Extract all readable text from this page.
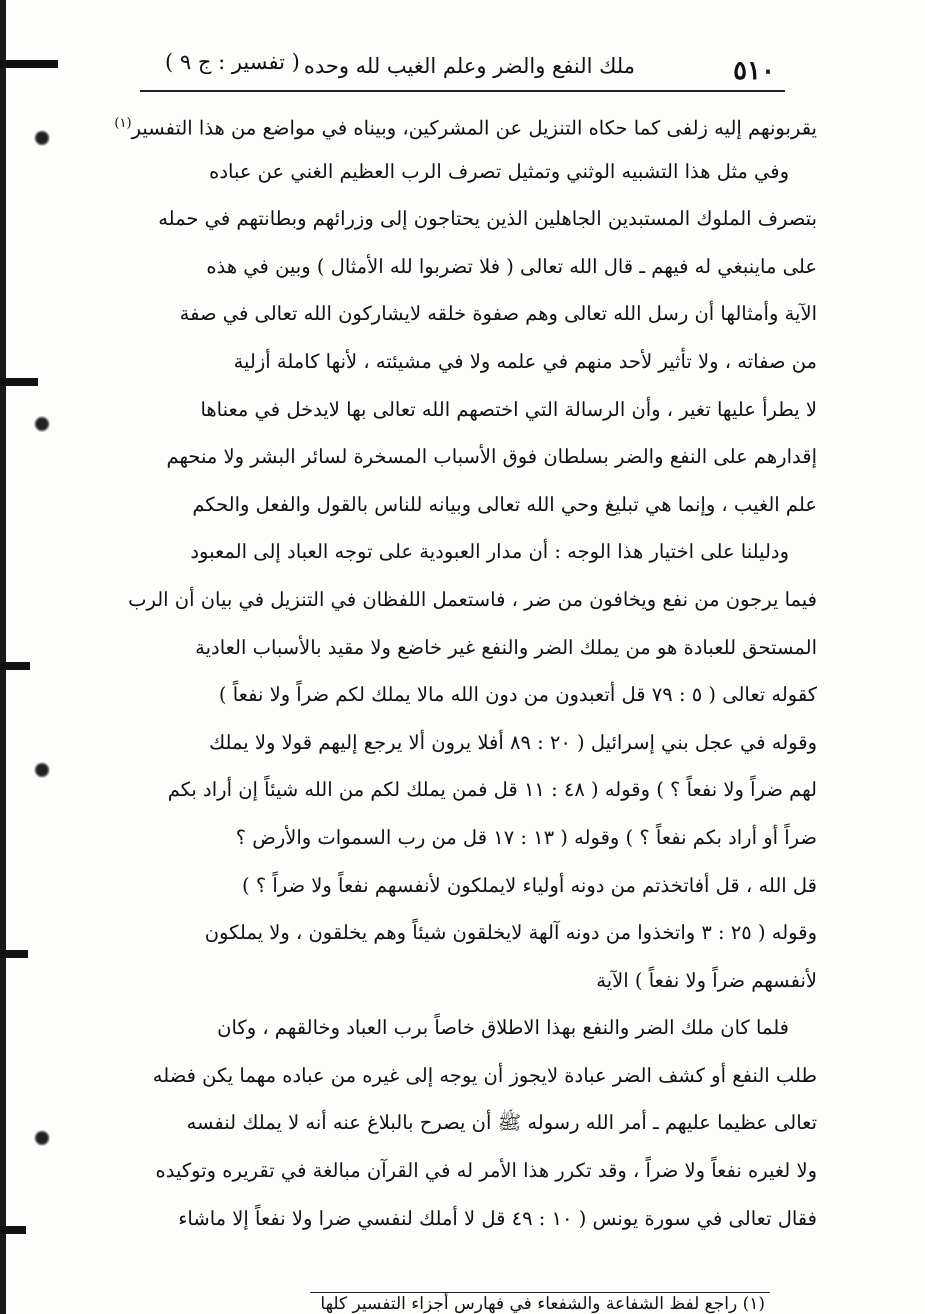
٥١٠
ملك النفع والضر وعلم الغيب لله وحده
( تفسير : ج ٩ )
يقربونهم إليه زلفى كما حكاه التنزيل عن المشركين، وبيناه في مواضع من هذا التفسير$^{(١)}$
وفي مثل هذا التشبيه الوثني وتمثيل تصرف الرب العظيم الغني عن عباده
بتصرف الملوك المستبدين الجاهلين الذين يحتاجون إلى وزرائهم وبطانتهم في حمله
على ماينبغي له فيهم ـ قال الله تعالى ( فلا تضربوا لله الأمثال ) وبين في هذه
الآية وأمثالها أن رسل الله تعالى وهم صفوة خلقه لايشاركون الله تعالى في صفة
من صفاته ، ولا تأثير لأحد منهم في علمه ولا في مشيئته ، لأنها كاملة أزلية
لا يطرأ عليها تغير ، وأن الرسالة التي اختصهم الله تعالى بها لايدخل في معناها
إقدارهم على النفع والضر بسلطان فوق الأسباب المسخرة لسائر البشر ولا منحهم
علم الغيب ، وإنما هي تبليغ وحي الله تعالى وبيانه للناس بالقول والفعل والحكم
ودليلنا على اختيار هذا الوجه : أن مدار العبودية على توجه العباد إلى المعبود
فيما يرجون من نفع ويخافون من ضر ، فاستعمل اللفظان في التنزيل في بيان أن الرب
المستحق للعبادة هو من يملك الضر والنفع غير خاضع ولا مقيد بالأسباب العادية
كقوله تعالى ( ٥ : ٧٩ قل أتعبدون من دون الله مالا يملك لكم ضراً ولا نفعاً )
وقوله في عجل بني إسرائيل ( ٢٠ : ٨٩ أفلا يرون ألا يرجع إليهم قولا ولا يملك
لهم ضراً ولا نفعاً ؟ ) وقوله ( ٤٨ : ١١ قل فمن يملك لكم من الله شيئاً إن أراد بكم
ضراً أو أراد بكم نفعاً ؟ ) وقوله ( ١٣ : ١٧ قل من رب السموات والأرض ؟
قل الله ، قل أفاتخذتم من دونه أولياء لايملكون لأنفسهم نفعاً ولا ضراً ؟ )
وقوله ( ٢٥ : ٣ واتخذوا من دونه آلهة لايخلقون شيئاً وهم يخلقون ، ولا يملكون
لأنفسهم ضراً ولا نفعاً ) الآية
فلما كان ملك الضر والنفع بهذا الاطلاق خاصاً برب العباد وخالقهم ، وكان
طلب النفع أو كشف الضر عبادة لايجوز أن يوجه إلى غيره من عباده مهما يكن فضله
تعالى عظيما عليهم ـ أمر الله رسوله ﷺ أن يصرح بالبلاغ عنه أنه لا يملك لنفسه
ولا لغيره نفعاً ولا ضراً ، وقد تكرر هذا الأمر له في القرآن مبالغة في تقريره وتوكيده
فقال تعالى في سورة يونس ( ١٠ : ٤٩ قل لا أملك لنفسي ضرا ولا نفعاً إلا ماشاء
(١) راجع لفظ الشفاعة والشفعاء في فهارس أجزاء التفسير كلها
